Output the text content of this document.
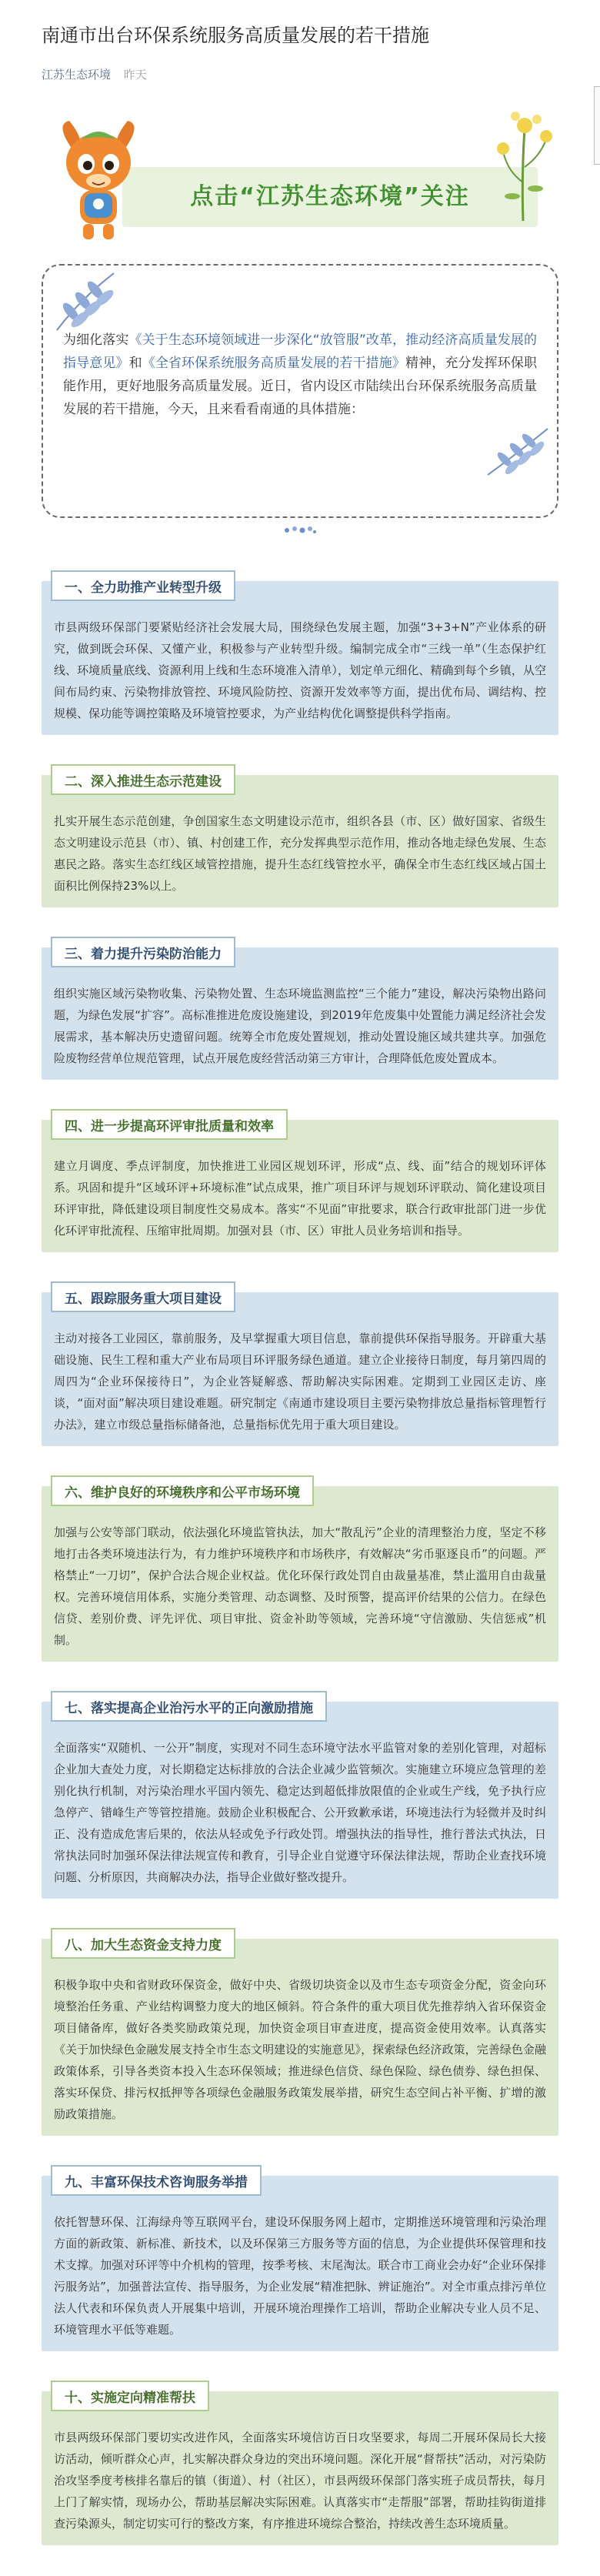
南通市出台环保系统服务高质量发展的若干措施
江苏生态环境 昨天
点击“江苏生态环境”关注

为细化落实《关于生态环境领域进一步深化“放管服”改革，推动经济高质量发展的指导意见》和《全省环保系统服务高质量发展的若干措施》精神，充分发挥环保职能作用，更好地服务高质量发展。近日，省内设区市陆续出台环保系统服务高质量发展的若干措施，今天，且来看看南通的具体措施：

一、全力助推产业转型升级

市县两级环保部门要紧贴经济社会发展大局，围绕绿色发展主题，加强“3+3+N”产业体系的研究，做到既会环保、又懂产业，积极参与产业转型升级。编制完成全市“三线一单”（生态保护红线、环境质量底线、资源利用上线和生态环境准入清单），划定单元细化、精确到每个乡镇，从空间布局约束、污染物排放管控、环境风险防控、资源开发效率等方面，提出优布局、调结构、控规模、保功能等调控策略及环境管控要求，为产业结构优化调整提供科学指南。

二、深入推进生态示范建设

扎实开展生态示范创建，争创国家生态文明建设示范市，组织各县（市、区）做好国家、省级生态文明建设示范县（市）、镇、村创建工作，充分发挥典型示范作用，推动各地走绿色发展、生态惠民之路。落实生态红线区域管控措施，提升生态红线管控水平，确保全市生态红线区域占国土面积比例保持23%以上。

三、着力提升污染防治能力

组织实施区域污染物收集、污染物处置、生态环境监测监控“三个能力”建设，解决污染物出路问题，为绿色发展“扩容”。高标准推进危废设施建设，到2019年危废集中处置能力满足经济社会发展需求，基本解决历史遗留问题。统筹全市危废处置规划，推动处置设施区域共建共享。加强危险废物经营单位规范管理，试点开展危废经营活动第三方审计，合理降低危废处置成本。

四、进一步提高环评审批质量和效率

建立月调度、季点评制度，加快推进工业园区规划环评，形成“点、线、面”结合的规划环评体系。巩固和提升“区域环评+环境标准”试点成果，推广项目环评与规划环评联动、简化建设项目环评审批，降低建设项目制度性交易成本。落实“不见面”审批要求，联合行政审批部门进一步优化环评审批流程、压缩审批周期。加强对县（市、区）审批人员业务培训和指导。

五、跟踪服务重大项目建设

主动对接各工业园区，靠前服务，及早掌握重大项目信息，靠前提供环保指导服务。开辟重大基础设施、民生工程和重大产业布局项目环评服务绿色通道。建立企业接待日制度，每月第四周的周四为“企业环保接待日”，为企业答疑解惑、帮助解决实际困难。定期到工业园区走访、座谈，“面对面”解决项目建设难题。研究制定《南通市建设项目主要污染物排放总量指标管理暂行办法》，建立市级总量指标储备池，总量指标优先用于重大项目建设。

六、维护良好的环境秩序和公平市场环境

加强与公安等部门联动，依法强化环境监管执法，加大“散乱污”企业的清理整治力度，坚定不移地打击各类环境违法行为，有力维护环境秩序和市场秩序，有效解决“劣币驱逐良币”的问题。严格禁止“一刀切”，保护合法合规企业权益。优化环保行政处罚自由裁量基准，禁止滥用自由裁量权。完善环境信用体系，实施分类管理、动态调整、及时预警，提高评价结果的公信力。在绿色信贷、差别价费、评先评优、项目审批、资金补助等领域，完善环境“守信激励、失信惩戒”机制。

七、落实提高企业治污水平的正向激励措施

全面落实“双随机、一公开”制度，实现对不同生态环境守法水平监管对象的差别化管理，对超标企业加大查处力度，对长期稳定达标排放的合法企业减少监管频次。实施建立环境应急管理的差别化执行机制，对污染治理水平国内领先、稳定达到超低排放限值的企业或生产线，免予执行应急停产、错峰生产等管控措施。鼓励企业积极配合、公开致歉承诺，环境违法行为轻微并及时纠正、没有造成危害后果的，依法从轻或免予行政处罚。增强执法的指导性，推行普法式执法，日常执法同时加强环保法律法规宣传和教育，引导企业自觉遵守环保法律法规，帮助企业查找环境问题、分析原因，共商解决办法，指导企业做好整改提升。

八、加大生态资金支持力度

积极争取中央和省财政环保资金，做好中央、省级切块资金以及市生态专项资金分配，资金向环境整治任务重、产业结构调整力度大的地区倾斜。符合条件的重大项目优先推荐纳入省环保资金项目储备库，做好各类奖励政策兑现，加快资金项目审查进度，提高资金使用效率。认真落实《关于加快绿色金融发展支持全市生态文明建设的实施意见》，探索绿色经济政策，完善绿色金融政策体系，引导各类资本投入生态环保领域；推进绿色信贷、绿色保险、绿色债券、绿色担保、落实环保贷、排污权抵押等各项绿色金融服务政策发展举措，研究生态空间占补平衡、扩增的激励政策措施。

九、丰富环保技术咨询服务举措

依托智慧环保、江海绿舟等互联网平台，建设环保服务网上超市，定期推送环境管理和污染治理方面的新政策、新标准、新技术，以及环保第三方服务等方面的信息，为企业提供环保管理和技术支撑。加强对环评等中介机构的管理，按季考核、末尾淘汰。联合市工商业会办好“企业环保排污服务站”，加强普法宣传、指导服务，为企业发展“精准把脉、辨证施治”。对全市重点排污单位法人代表和环保负责人开展集中培训，开展环境治理操作工培训，帮助企业解决专业人员不足、环境管理水平低等难题。

十、实施定向精准帮扶

市县两级环保部门要切实改进作风，全面落实环境信访百日攻坚要求，每周二开展环保局长大接访活动，倾听群众心声，扎实解决群众身边的突出环境问题。深化开展“督帮扶”活动，对污染防治攻坚季度考核排名靠后的镇（街道）、村（社区），市县两级环保部门落实班子成员帮扶，每月上门了解实情，现场办公，帮助基层解决实际困难。认真落实市“走帮服”部署，帮助挂钩街道排查污染源头，制定切实可行的整改方案，有序推进环境综合整治，持续改善生态环境质量。
